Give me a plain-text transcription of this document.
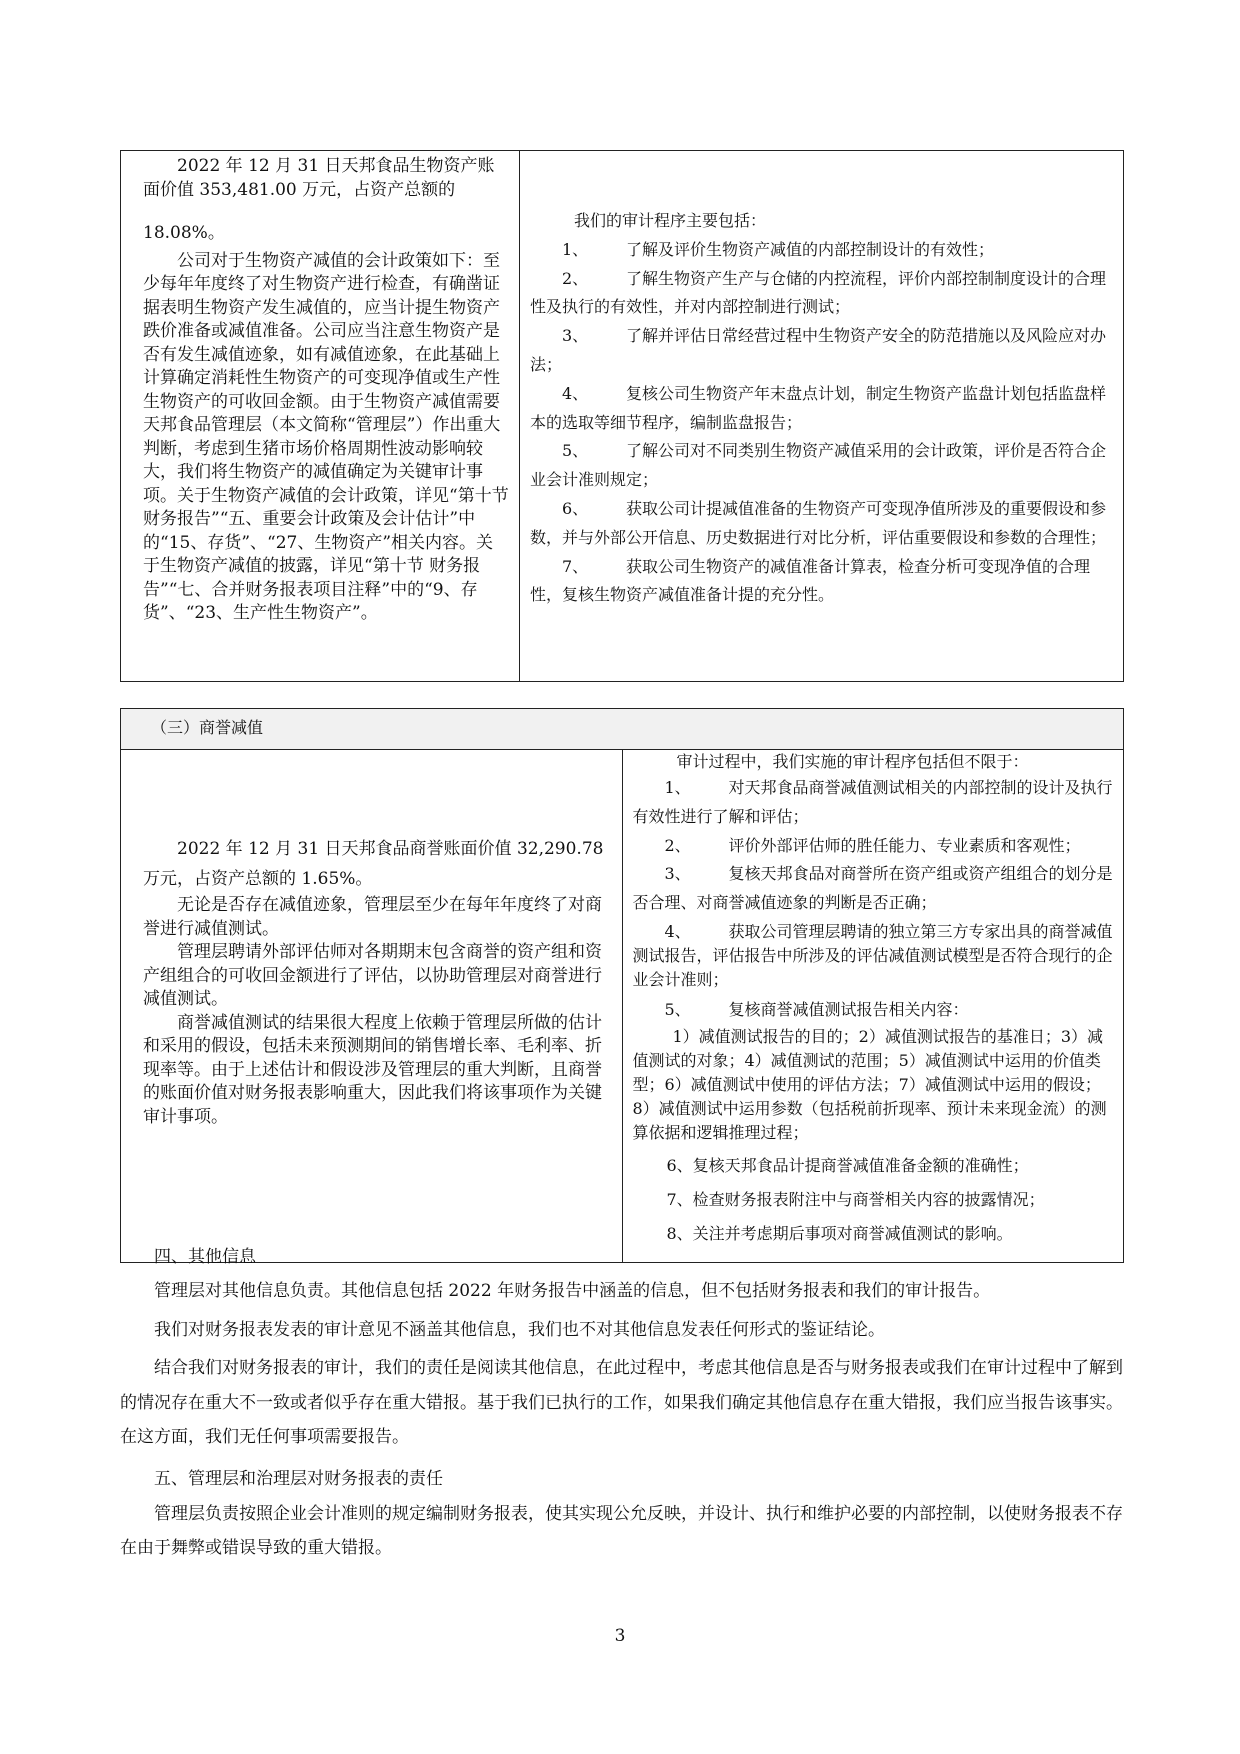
2022 年 12 月 31 日天邦食品生物资产账面价值 353,481.00 万元，占资产总额的

18.08%。

公司对于生物资产减值的会计政策如下：至少每年年度终了对生物资产进行检查，有确凿证据表明生物资产发生减值的，应当计提生物资产跌价准备或减值准备。公司应当注意生物资产是否有发生减值迹象，如有减值迹象，在此基础上计算确定消耗性生物资产的可变现净值或生产性生物资产的可收回金额。由于生物资产减值需要天邦食品管理层（本文简称“管理层”）作出重大判断，考虑到生猪市场价格周期性波动影响较大，我们将生物资产的减值确定为关键审计事项。关于生物资产减值的会计政策，详见“第十节 财务报告”“五、重要会计政策及会计估计”中的“15、存货”、“27、生物资产”相关内容。关于生物资产减值的披露，详见“第十节 财务报告”“七、合并财务报表项目注释”中的“9、存货”、“23、生产性生物资产”。

我们的审计程序主要包括：

1、 了解及评价生物资产减值的内部控制设计的有效性；

2、 了解生物资产生产与仓储的内控流程，评价内部控制制度设计的合理性及执行的有效性，并对内部控制进行测试；

3、 了解并评估日常经营过程中生物资产安全的防范措施以及风险应对办法；

4、 复核公司生物资产年末盘点计划，制定生物资产监盘计划包括监盘样本的选取等细节程序，编制监盘报告；

5、 了解公司对不同类别生物资产减值采用的会计政策，评价是否符合企业会计准则规定；

6、 获取公司计提减值准备的生物资产可变现净值所涉及的重要假设和参数，并与外部公开信息、历史数据进行对比分析，评估重要假设和参数的合理性；

7、 获取公司生物资产的减值准备计算表，检查分析可变现净值的合理性，复核生物资产减值准备计提的充分性。

（三）商誉减值

2022 年 12 月 31 日天邦食品商誉账面价值 32,290.78 万元，占资产总额的 1.65%。

无论是否存在减值迹象，管理层至少在每年年度终了对商誉进行减值测试。

管理层聘请外部评估师对各期期末包含商誉的资产组和资产组组合的可收回金额进行了评估，以协助管理层对商誉进行减值测试。

商誉减值测试的结果很大程度上依赖于管理层所做的估计和采用的假设，包括未来预测期间的销售增长率、毛利率、折现率等。由于上述估计和假设涉及管理层的重大判断，且商誉的账面价值对财务报表影响重大，因此我们将该事项作为关键审计事项。

审计过程中，我们实施的审计程序包括但不限于：

1、 对天邦食品商誉减值测试相关的内部控制的设计及执行有效性进行了解和评估；

2、 评价外部评估师的胜任能力、专业素质和客观性；

3、 复核天邦食品对商誉所在资产组或资产组组合的划分是否合理、对商誉减值迹象的判断是否正确；

4、 获取公司管理层聘请的独立第三方专家出具的商誉减值测试报告，评估报告中所涉及的评估减值测试模型是否符合现行的企业会计准则；

5、 复核商誉减值测试报告相关内容：

1）减值测试报告的目的；2）减值测试报告的基准日；3）减值测试的对象；4）减值测试的范围；5）减值测试中运用的价值类型；6）减值测试中使用的评估方法；7）减值测试中运用的假设；8）减值测试中运用参数（包括税前折现率、预计未来现金流）的测算依据和逻辑推理过程；

6、复核天邦食品计提商誉减值准备金额的准确性；

7、检查财务报表附注中与商誉相关内容的披露情况；

8、关注并考虑期后事项对商誉减值测试的影响。

四、其他信息

管理层对其他信息负责。其他信息包括 2022 年财务报告中涵盖的信息，但不包括财务报表和我们的审计报告。

我们对财务报表发表的审计意见不涵盖其他信息，我们也不对其他信息发表任何形式的鉴证结论。

结合我们对财务报表的审计，我们的责任是阅读其他信息，在此过程中，考虑其他信息是否与财务报表或我们在审计过程中了解到的情况存在重大不一致或者似乎存在重大错报。基于我们已执行的工作，如果我们确定其他信息存在重大错报，我们应当报告该事实。在这方面，我们无任何事项需要报告。

五、管理层和治理层对财务报表的责任

管理层负责按照企业会计准则的规定编制财务报表，使其实现公允反映，并设计、执行和维护必要的内部控制，以使财务报表不存在由于舞弊或错误导致的重大错报。

3
